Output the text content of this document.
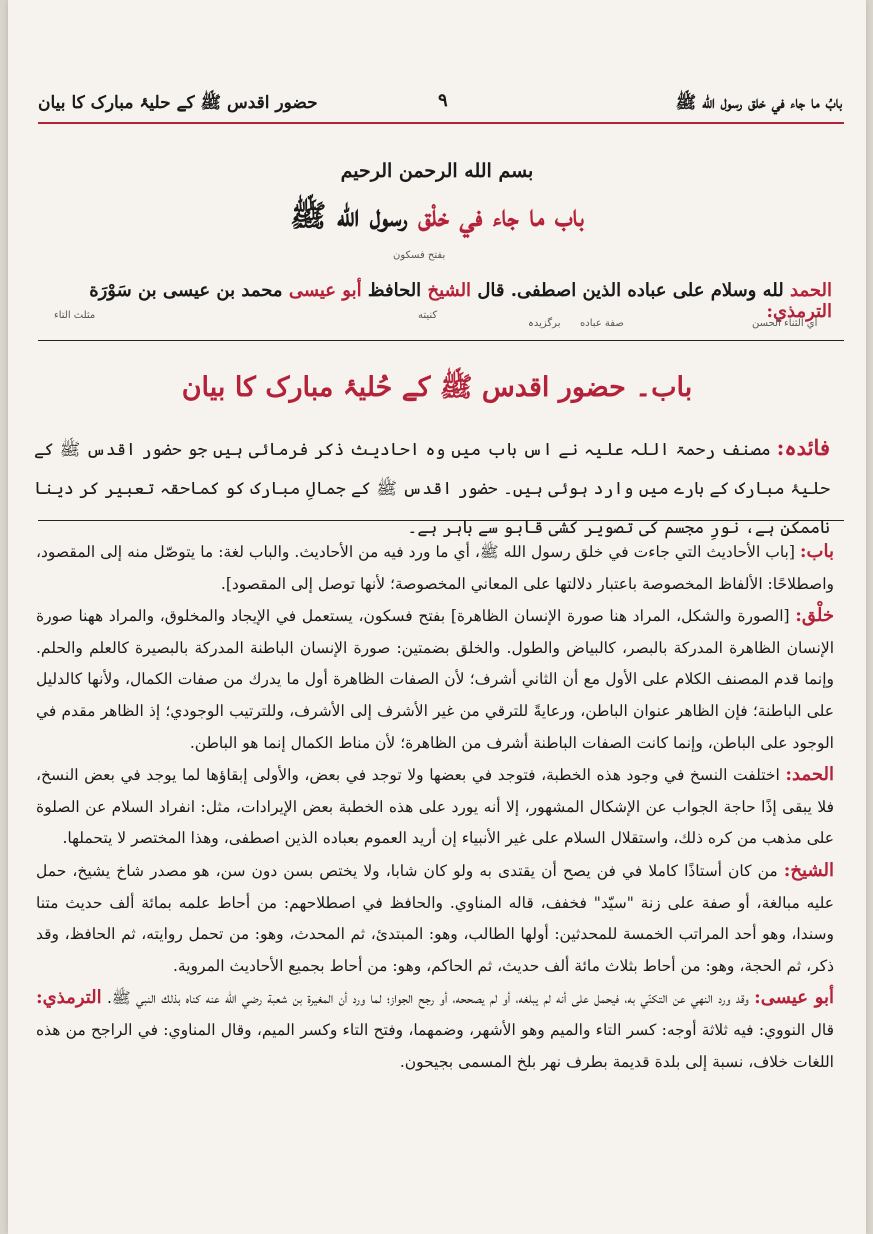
بابُ ما جاء في خلق رسول الله ﷺ
٩
حضور اقدس ﷺ کے حلیۂ مبارک کا بیان
بسم الله الرحمن الرحيم
باب ما جاء في خلْق رسول الله ﷺ
بفتح فسكون
الحمد لله وسلام على عباده الذين اصطفى. قال الشيخ الحافظ أبو عيسى محمد بن عيسى بن سَوْرَة الترمذي:
مثلث التاء	كنيته
برگزیدہ صفة عباده	أي الثناء الحسن
باب۔ حضور اقدس ﷺ کے حُلیۂ مبارک کا بیان
فائدہ: مصنف رحمۃ اللہ علیہ نے اس باب میں وہ احادیث ذکر فرمائی ہیں جو حضور اقدس ﷺ کے حلیۂ مبارک کے بارے میں وارد ہوئی ہیں۔ حضور اقدس ﷺ کے جمالِ مبارک کو کماحقہ تعبیر کر دینا ناممکن ہے، نورِ مجسم کی تصویر کشی قابو سے باہر ہے۔

باب: [باب الأحاديث التي جاءت في خلق رسول الله ﷺ، أي ما ورد فيه من الأحاديث. والباب لغة: ما يتوصّل منه إلى المقصود، واصطلاحًا: الألفاظ المخصوصة باعتبار دلالتها على المعاني المخصوصة؛ لأنها توصل إلى المقصود].

خلْق: [الصورة والشكل، المراد هنا صورة الإنسان الظاهرة] بفتح فسكون، يستعمل في الإيجاد والمخلوق، والمراد ههنا صورة الإنسان الظاهرة المدركة بالبصر، كالبياض والطول. والخلق بضمتين: صورة الإنسان الباطنة المدركة بالبصيرة كالعلم والحلم. وإنما قدم المصنف الكلام على الأول مع أن الثاني أشرف؛ لأن الصفات الظاهرة أول ما يدرك من صفات الكمال، ولأنها كالدليل على الباطنة؛ فإن الظاهر عنوان الباطن، ورعايةً للترقي من غير الأشرف إلى الأشرف، وللترتيب الوجودي؛ إذ الظاهر مقدم في الوجود على الباطن، وإنما كانت الصفات الباطنة أشرف من الظاهرة؛ لأن مناط الكمال إنما هو الباطن.

الحمد: اختلفت النسخ في وجود هذه الخطبة، فتوجد في بعضها ولا توجد في بعض، والأولى إبقاؤها لما يوجد في بعض النسخ، فلا يبقى إذًا حاجة الجواب عن الإشكال المشهور، إلا أنه يورد على هذه الخطبة بعض الإيرادات، مثل: انفراد السلام عن الصلوة على مذهب من كره ذلك، واستقلال السلام على غير الأنبياء إن أريد العموم بعباده الذين اصطفى، وهذا المختصر لا يتحملها.

الشيخ: من كان أستاذًا كاملا في فن يصح أن يقتدى به ولو كان شابا، ولا يختص بسن دون سن، هو مصدر شاخ يشيخ، حمل عليه مبالغة، أو صفة على زنة "سيّد" فخفف، قاله المناوي. والحافظ في اصطلاحهم: من أحاط علمه بمائة ألف حديث متنا وسندا، وهو أحد المراتب الخمسة للمحدثين: أولها الطالب، وهو: المبتدئ، ثم المحدث، وهو: من تحمل روايته، ثم الحافظ، وقد ذكر، ثم الحجة، وهو: من أحاط بثلاث مائة ألف حديث، ثم الحاكم، وهو: من أحاط بجميع الأحاديث المروية.

أبو عيسى: وقد ورد النهي عن التكنّي به، فيحمل على أنه لم يبلغه، أو لم يصححه، أو رجح الجواز؛ لما ورد أن المغيرة بن شعبة رضي الله عنه كناه بذلك النبي ﷺ. الترمذي: قال النووي: فيه ثلاثة أوجه: كسر التاء والميم وهو الأشهر، وضمهما، وفتح التاء وكسر الميم، وقال المناوي: في الراجح من هذه اللغات خلاف، نسبة إلى بلدة قديمة بطرف نهر بلخ المسمى بجيحون.
